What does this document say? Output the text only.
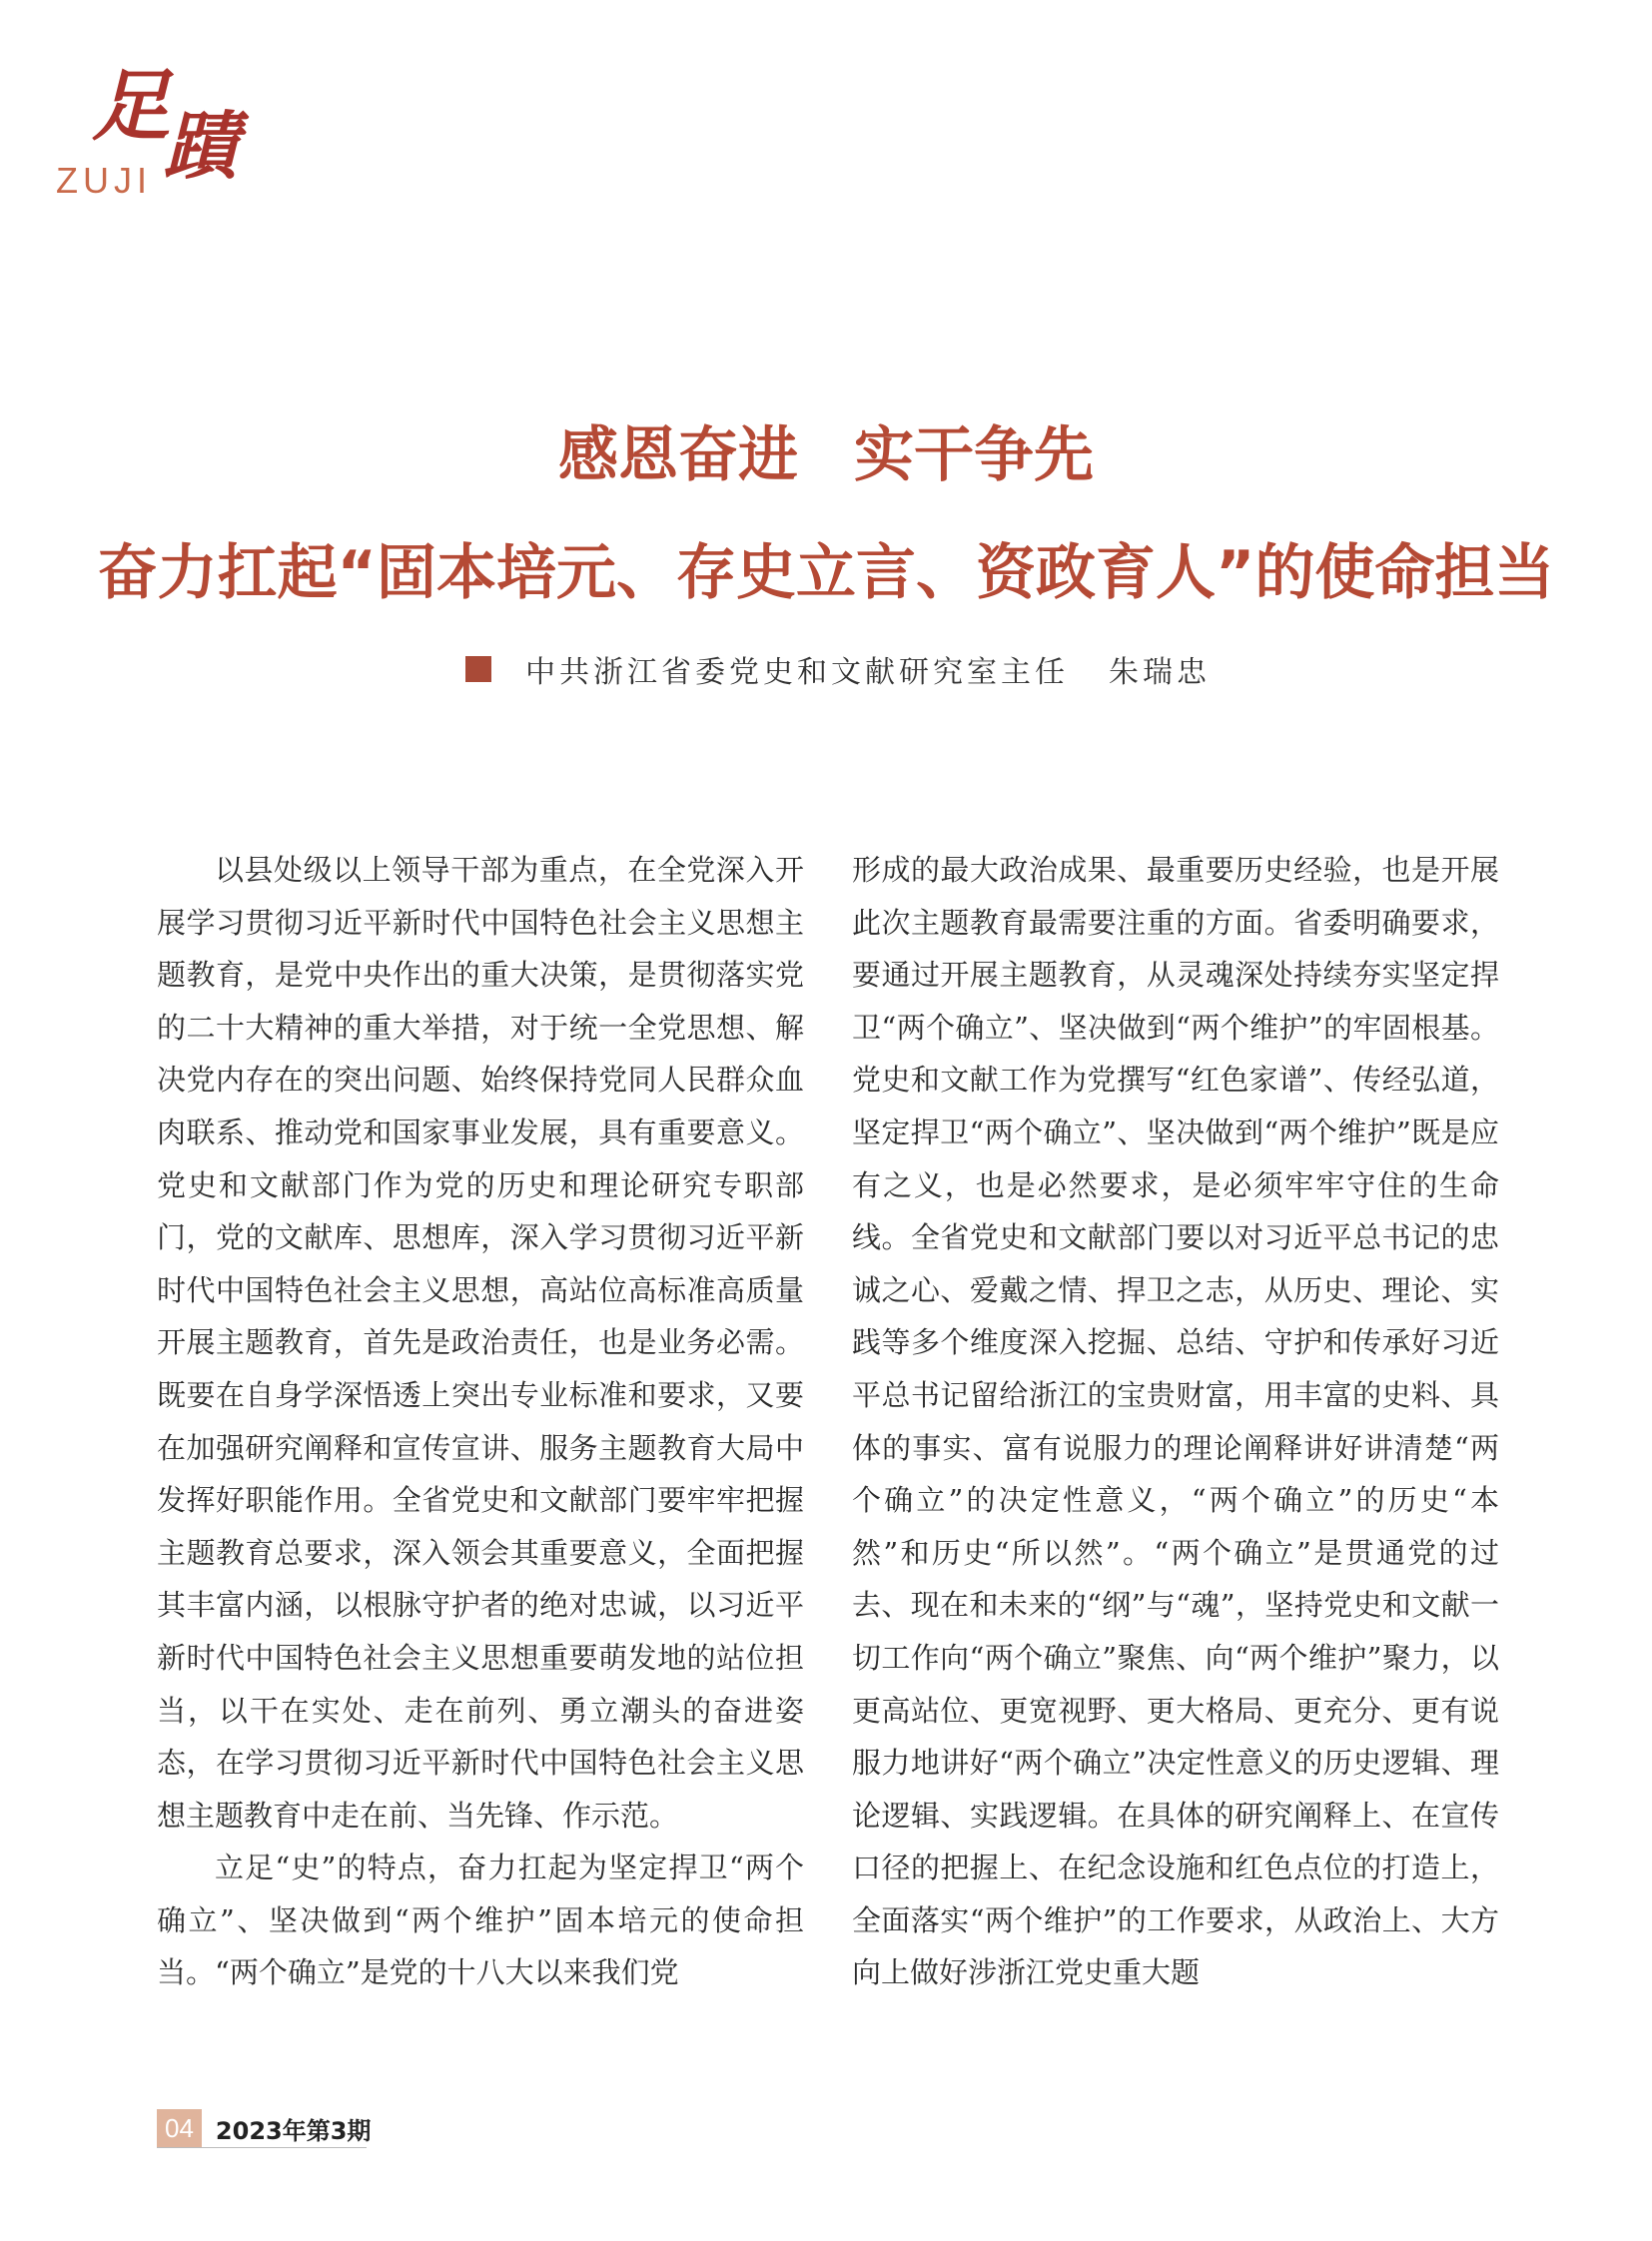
足
蹟
ZUJI
感恩奋进 实干争先
奋力扛起“固本培元、存史立言、资政育人”的使命担当
中共浙江省委党史和文献研究室主任 朱瑞忠

以县处级以上领导干部为重点，在全党深入开展学习贯彻习近平新时代中国特色社会主义思想主题教育，是党中央作出的重大决策，是贯彻落实党的二十大精神的重大举措，对于统一全党思想、解决党内存在的突出问题、始终保持党同人民群众血肉联系、推动党和国家事业发展，具有重要意义。党史和文献部门作为党的历史和理论研究专职部门，党的文献库、思想库，深入学习贯彻习近平新时代中国特色社会主义思想，高站位高标准高质量开展主题教育，首先是政治责任，也是业务必需。既要在自身学深悟透上突出专业标准和要求，又要在加强研究阐释和宣传宣讲、服务主题教育大局中发挥好职能作用。全省党史和文献部门要牢牢把握主题教育总要求，深入领会其重要意义，全面把握其丰富内涵，以根脉守护者的绝对忠诚，以习近平新时代中国特色社会主义思想重要萌发地的站位担当，以干在实处、走在前列、勇立潮头的奋进姿态，在学习贯彻习近平新时代中国特色社会主义思想主题教育中走在前、当先锋、作示范。

立足“史”的特点，奋力扛起为坚定捍卫“两个确立”、坚决做到“两个维护”固本培元的使命担当。“两个确立”是党的十八大以来我们党

形成的最大政治成果、最重要历史经验，也是开展此次主题教育最需要注重的方面。省委明确要求，要通过开展主题教育，从灵魂深处持续夯实坚定捍卫“两个确立”、坚决做到“两个维护”的牢固根基。党史和文献工作为党撰写“红色家谱”、传经弘道，坚定捍卫“两个确立”、坚决做到“两个维护”既是应有之义，也是必然要求，是必须牢牢守住的生命线。全省党史和文献部门要以对习近平总书记的忠诚之心、爱戴之情、捍卫之志，从历史、理论、实践等多个维度深入挖掘、总结、守护和传承好习近平总书记留给浙江的宝贵财富，用丰富的史料、具体的事实、富有说服力的理论阐释讲好讲清楚“两个确立”的决定性意义，“两个确立”的历史“本然”和历史“所以然”。“两个确立”是贯通党的过去、现在和未来的“纲”与“魂”，坚持党史和文献一切工作向“两个确立”聚焦、向“两个维护”聚力，以更高站位、更宽视野、更大格局、更充分、更有说服力地讲好“两个确立”决定性意义的历史逻辑、理论逻辑、实践逻辑。在具体的研究阐释上、在宣传口径的把握上、在纪念设施和红色点位的打造上，全面落实“两个维护”的工作要求，从政治上、大方向上做好涉浙江党史重大题

04 2023年第3期
